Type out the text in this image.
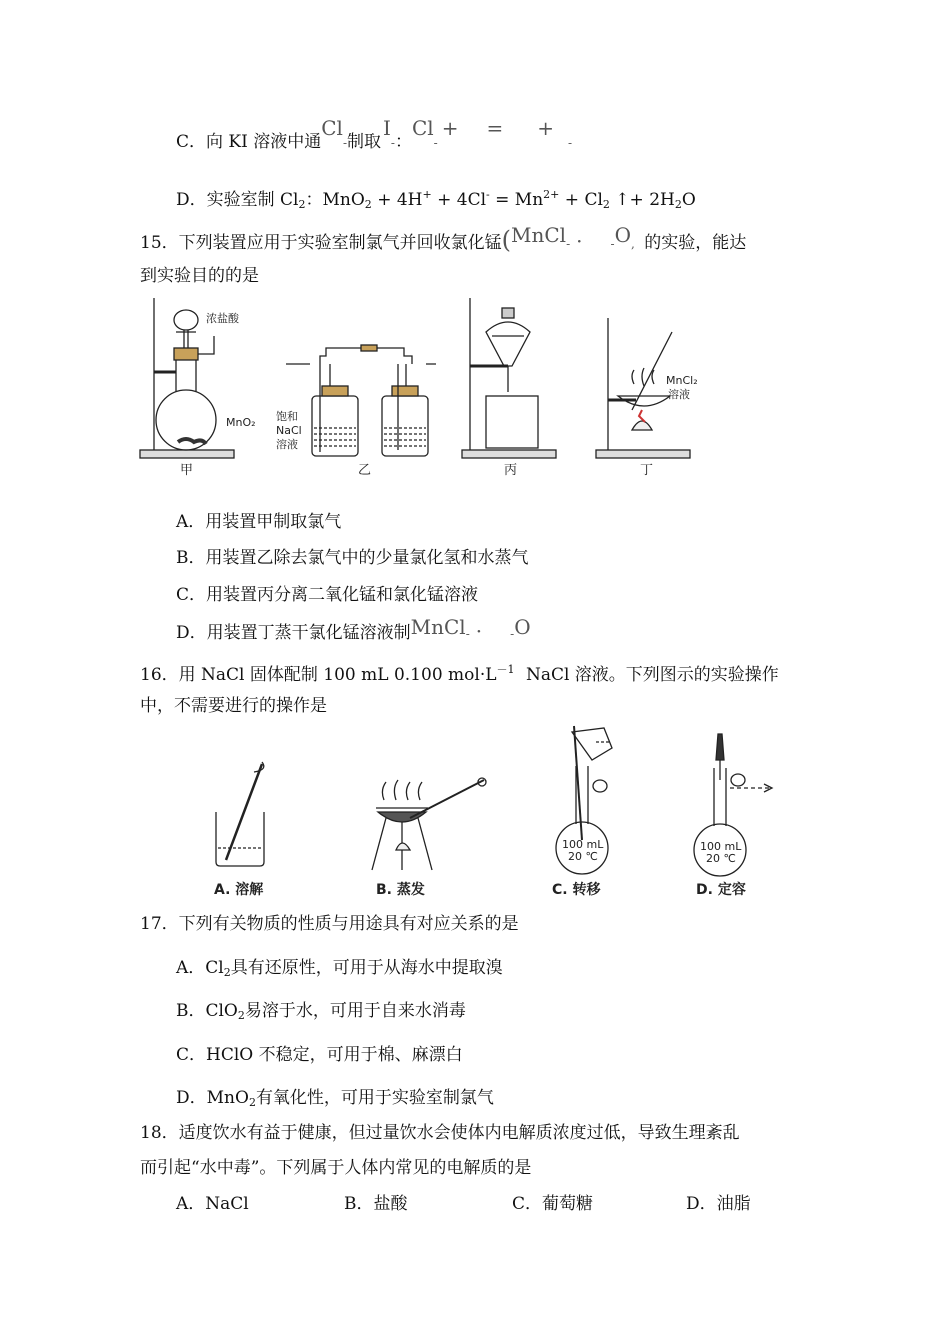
C．向 KI 溶液中通Cl-制取I-：Cl-+ = +-
D．实验室制 $Cl_2$：$MnO_2 + 4H^+ + 4Cl^- = Mn^{2+} + Cl_2$ ↑+ $2H_2O$
15．下列装置应用于实验室制氯气并回收氯化锰(MnCl- · -O, 的实验，能达
到实验目的的是
浓盐酸
MnO₂
甲
饱和
NaCl
溶液
乙	丙
MnCl₂
溶液
丁
A．用装置甲制取氯气
B．用装置乙除去氯气中的少量氯化氢和水蒸气
C．用装置丙分离二氧化锰和氯化锰溶液
D．用装置丁蒸干氯化锰溶液制MnCl- · -O
16．用 NaCl 固体配制 100 mL 0.100 $mol\cdot L^{-1}$ NaCl 溶液。下列图示的实验操作
中，不需要进行的操作是
100 mL
20 ℃
100 mL
20 ℃
A. 溶解	B. 蒸发	C. 转移	D. 定容
17．下列有关物质的性质与用途具有对应关系的是
A．$Cl_2$具有还原性，可用于从海水中提取溴
B．ClO$_2$易溶于水，可用于自来水消毒
C．HClO 不稳定，可用于棉、麻漂白
D．MnO$_2$有氧化性，可用于实验室制氯气
18．适度饮水有益于健康，但过量饮水会使体内电解质浓度过低，导致生理紊乱
而引起“水中毒”。下列属于人体内常见的电解质的是
A．NaCl	B．盐酸	C．葡萄糖	D．油脂
